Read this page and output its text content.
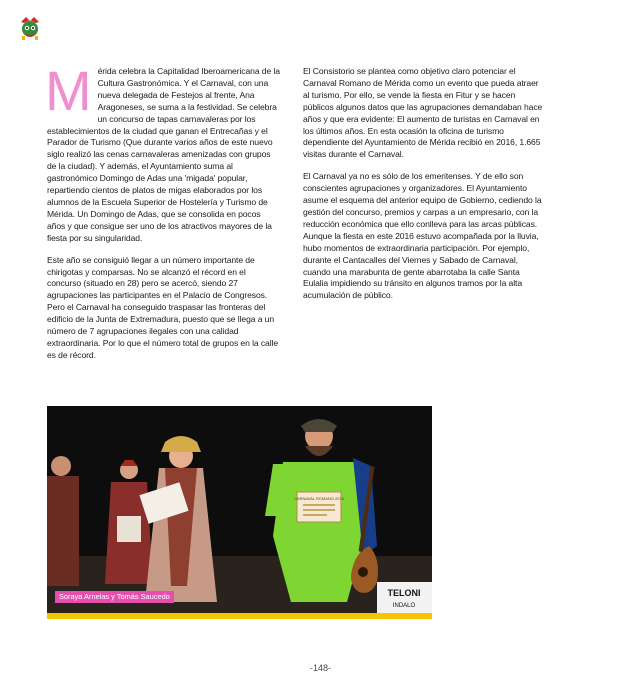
Mérida celebra la Capitalidad Iberoamericana de la Cultura Gastronómica. Y el Carnaval, con una nueva delegada de Festejos al frente, Ana Aragoneses, se suma a la festividad. Se celebra un concurso de tapas carnavaleras por los establecimientos de la ciudad que ganan el Entrecañas y el Parador de Turismo (Que durante varios años de este nuevo siglo realizó las cenas carnavaleras amenizadas con grupos de la ciudad). Y además, el Ayuntamiento suma al gastronómico Domingo de Adas una 'migada' popular, repartiendo cientos de platos de migas elaborados por los alumnos de la Escuela Superior de Hostelería y Turismo de Mérida. Un Domingo de Adas, que se consolida en pocos años y que consigue ser uno de los atractivos mayores de la fiesta por su singularidad.

Este año se consiguió llegar a un número importante de chirigotas y comparsas. No se alcanzó el récord en el concurso (situado en 28) pero se acercó, siendo 27 agrupaciones las participantes en el Palacio de Congresos. Pero el Carnaval ha conseguido traspasar las fronteras del edificio de la Junta de Extremadura, puesto que se llega a un número de 7 agrupaciones ilegales con una calidad extraordinaria. Por lo que el número total de grupos en la calle es de récord.

El Consistorio se plantea como objetivo claro potenciar el Carnaval Romano de Mérida como un evento que pueda atraer al turismo. Por ello, se vende la fiesta en Fitur y se hacen públicos algunos datos que las agrupaciones demandaban hace años y que era evidente: El aumento de turistas en Carnaval en los últimos años. En esta ocasión la oficina de turismo dependiente del Ayuntamiento de Mérida recibió en 2016, 1.665 visitas durante el Carnaval.

El Carnaval ya no es sólo de los emeritenses. Y de ello son conscientes agrupaciones y organizadores. El Ayuntamiento asume el esquema del anterior equipo de Gobierno, cediendo la gestión del concurso, premios y carpas a un empresario, con la reducción económica que ello conlleva para las arcas públicas. Aunque la fiesta en este 2016 estuvo acompañada por la lluvia, hubo momentos de extraordinaria participación. Por ejemplo, durante el Cantacalles del Viernes y Sabado de Carnaval, cuando una marabunta de gente abarrotaba la calle Santa Eulalia impidiendo su tránsito en algunos tramos por la alta acumulación de público.

CARNAVAL ROMANO 2016
TELONI
INDALO
Soraya Arnelas y Tomás Saucedo
-148-
